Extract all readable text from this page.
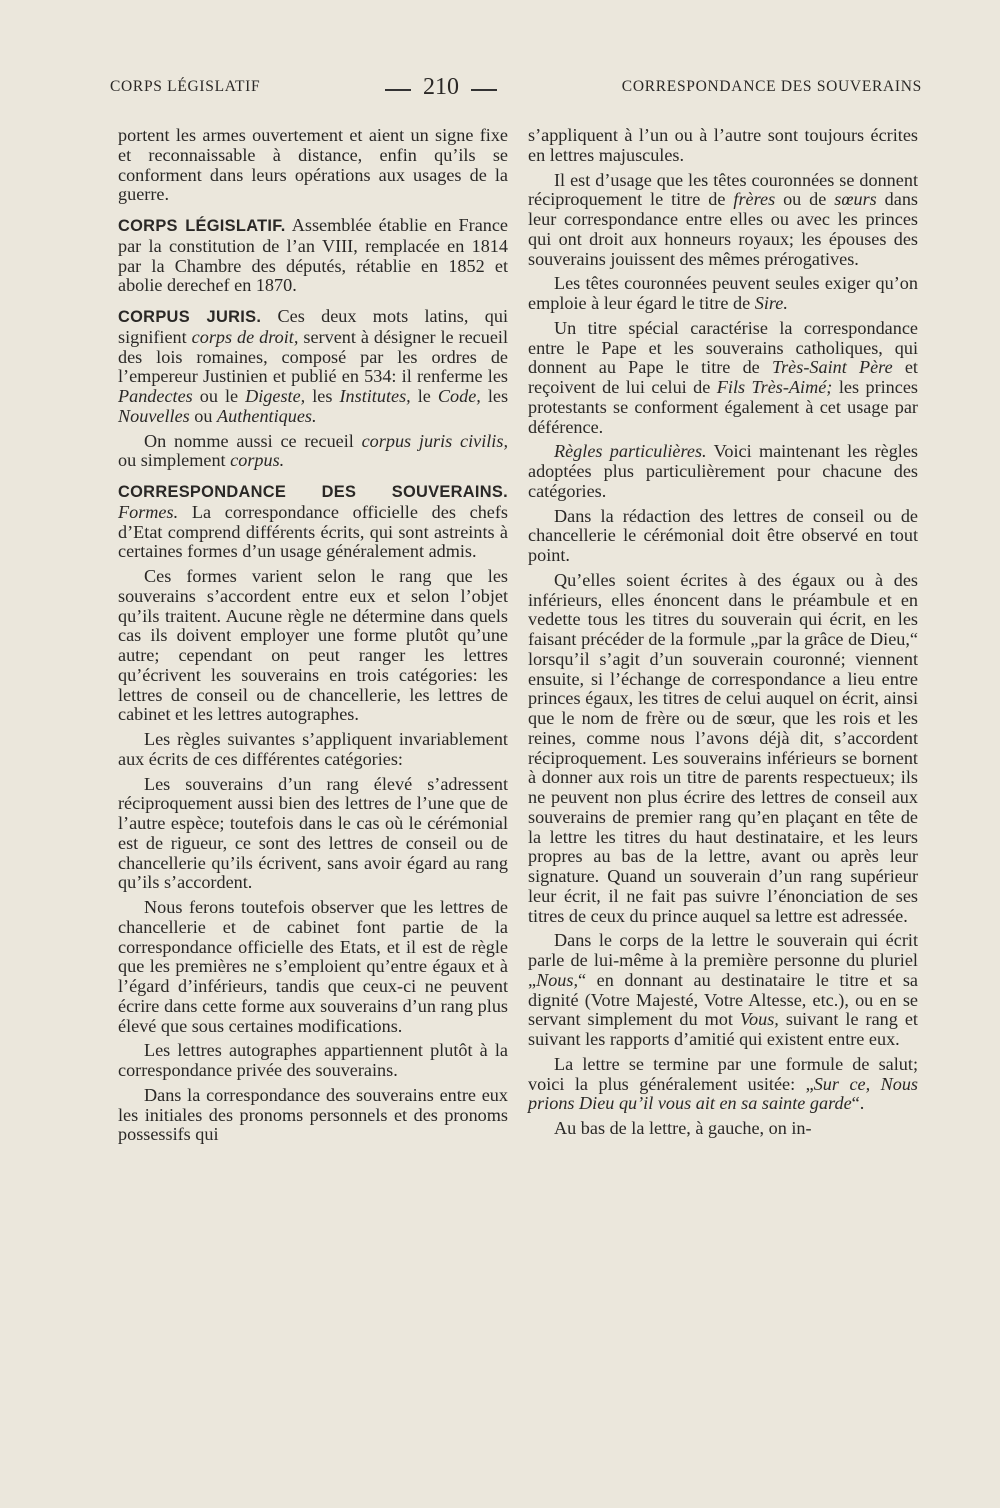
CORPS LÉGISLATIF	210	CORRESPONDANCE DES SOUVERAINS

portent les armes ouvertement et aient un signe fixe et reconnaissable à distance, enfin qu’ils se conforment dans leurs opérations aux usages de la guerre.

CORPS LÉGISLATIF. Assemblée établie en France par la constitution de l’an VIII, remplacée en 1814 par la Chambre des députés, rétablie en 1852 et abolie derechef en 1870.

CORPUS JURIS. Ces deux mots latins, qui signifient corps de droit, servent à désigner le recueil des lois romaines, composé par les ordres de l’empereur Justinien et publié en 534: il renferme les Pandectes ou le Digeste, les Institutes, le Code, les Nouvelles ou Authentiques.

On nomme aussi ce recueil corpus juris civilis, ou simplement corpus.

CORRESPONDANCE DES SOUVERAINS. Formes. La correspondance officielle des chefs d’Etat comprend différents écrits, qui sont astreints à certaines formes d’un usage généralement admis.

Ces formes varient selon le rang que les souverains s’accordent entre eux et selon l’objet qu’ils traitent. Aucune règle ne détermine dans quels cas ils doivent employer une forme plutôt qu’une autre; cependant on peut ranger les lettres qu’écrivent les souverains en trois catégories: les lettres de conseil ou de chancellerie, les lettres de cabinet et les lettres autographes.

Les règles suivantes s’appliquent invariablement aux écrits de ces différentes catégories:

Les souverains d’un rang élevé s’adressent réciproquement aussi bien des lettres de l’une que de l’autre espèce; toutefois dans le cas où le cérémonial est de rigueur, ce sont des lettres de conseil ou de chancellerie qu’ils écrivent, sans avoir égard au rang qu’ils s’accordent.

Nous ferons toutefois observer que les lettres de chancellerie et de cabinet font partie de la correspondance officielle des Etats, et il est de règle que les premières ne s’emploient qu’entre égaux et à l’égard d’inférieurs, tandis que ceux-ci ne peuvent écrire dans cette forme aux souverains d’un rang plus élevé que sous certaines modifications.

Les lettres autographes appartiennent plutôt à la correspondance privée des souverains.

Dans la correspondance des souverains entre eux les initiales des pronoms personnels et des pronoms possessifs qui

s’appliquent à l’un ou à l’autre sont toujours écrites en lettres majuscules.

Il est d’usage que les têtes couronnées se donnent réciproquement le titre de frères ou de sœurs dans leur correspondance entre elles ou avec les princes qui ont droit aux honneurs royaux; les épouses des souverains jouissent des mêmes prérogatives.

Les têtes couronnées peuvent seules exiger qu’on emploie à leur égard le titre de Sire.

Un titre spécial caractérise la correspondance entre le Pape et les souverains catholiques, qui donnent au Pape le titre de Très-Saint Père et reçoivent de lui celui de Fils Très-Aimé; les princes protestants se conforment également à cet usage par déférence.

Règles particulières. Voici maintenant les règles adoptées plus particulièrement pour chacune des catégories.

Dans la rédaction des lettres de conseil ou de chancellerie le cérémonial doit être observé en tout point.

Qu’elles soient écrites à des égaux ou à des inférieurs, elles énoncent dans le préambule et en vedette tous les titres du souverain qui écrit, en les faisant précéder de la formule „par la grâce de Dieu,“ lorsqu’il s’agit d’un souverain couronné; viennent ensuite, si l’échange de correspondance a lieu entre princes égaux, les titres de celui auquel on écrit, ainsi que le nom de frère ou de sœur, que les rois et les reines, comme nous l’avons déjà dit, s’accordent réciproquement. Les souverains inférieurs se bornent à donner aux rois un titre de parents respectueux; ils ne peuvent non plus écrire des lettres de conseil aux souverains de premier rang qu’en plaçant en tête de la lettre les titres du haut destinataire, et les leurs propres au bas de la lettre, avant ou après leur signature. Quand un souverain d’un rang supérieur leur écrit, il ne fait pas suivre l’énonciation de ses titres de ceux du prince auquel sa lettre est adressée.

Dans le corps de la lettre le souverain qui écrit parle de lui-même à la première personne du pluriel „Nous,“ en donnant au destinataire le titre et sa dignité (Votre Majesté, Votre Altesse, etc.), ou en se servant simplement du mot Vous, suivant le rang et suivant les rapports d’amitié qui existent entre eux.

La lettre se termine par une formule de salut; voici la plus généralement usitée: „Sur ce, Nous prions Dieu qu’il vous ait en sa sainte garde“.

Au bas de la lettre, à gauche, on in-
